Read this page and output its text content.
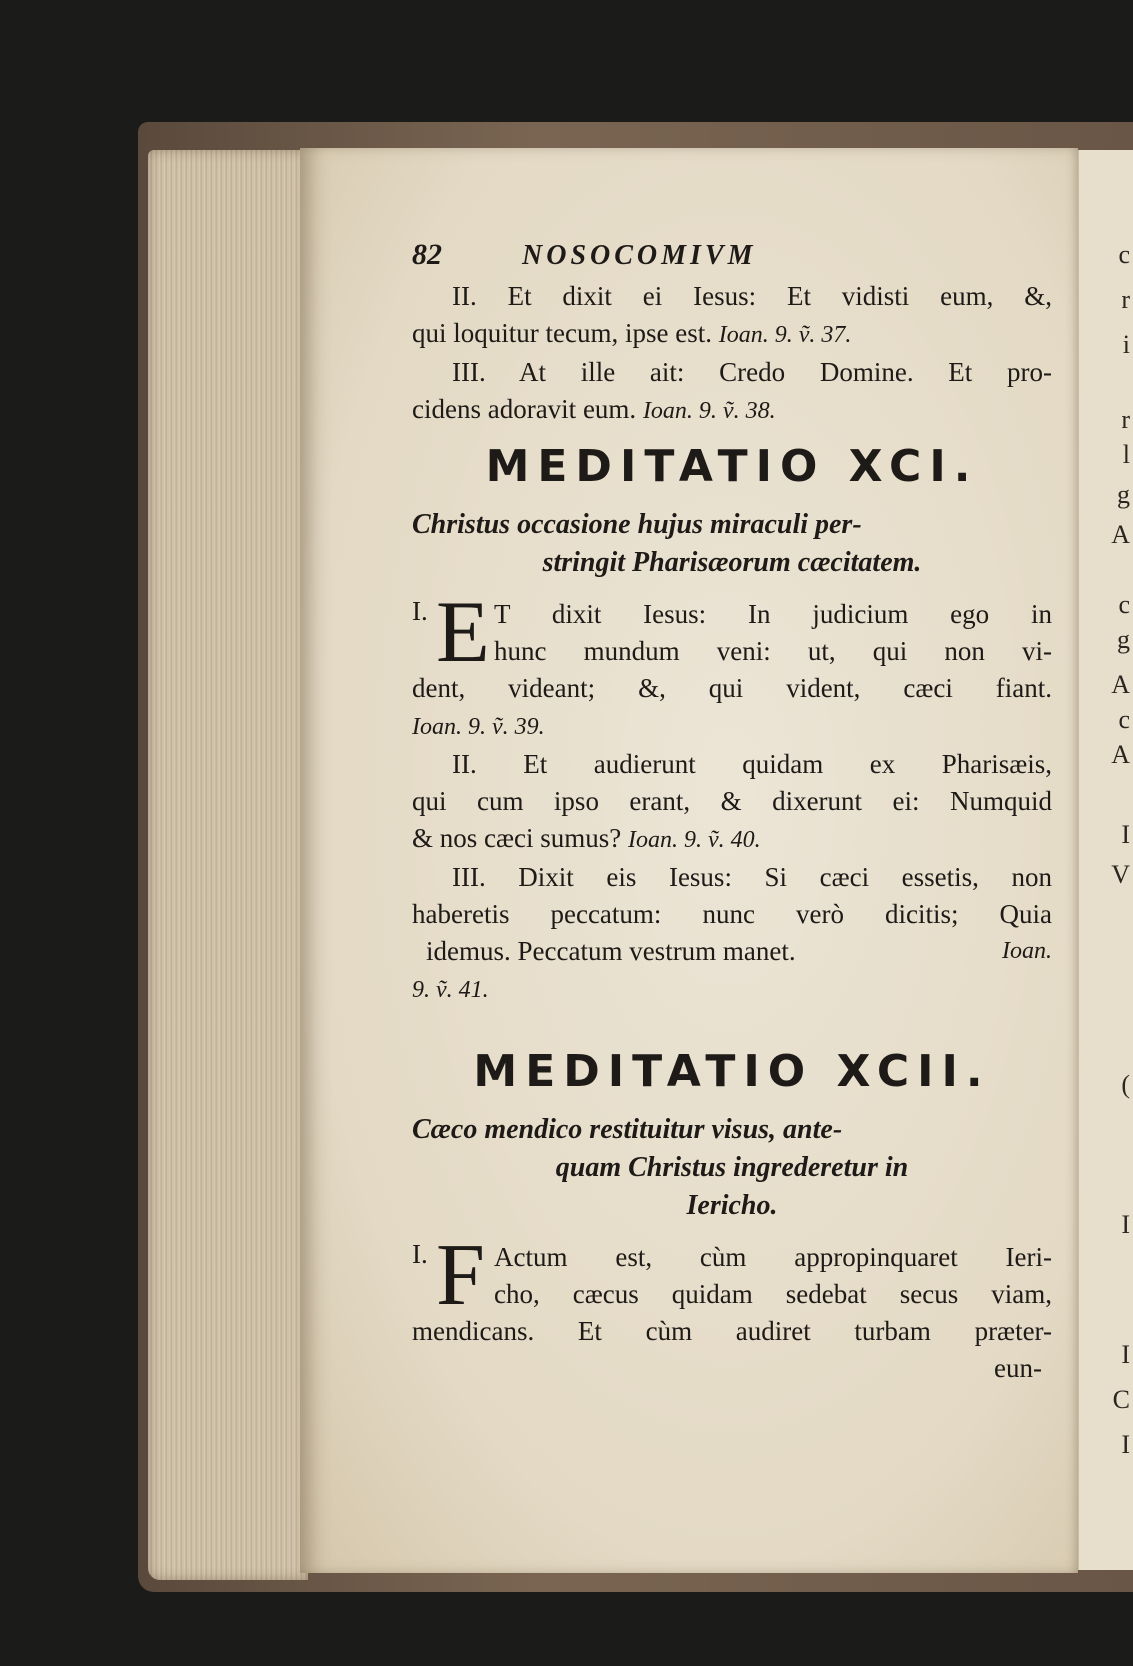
c
r
i
r
l
g
A
c
g
A
c
A
I
V
(
I
I
C
I
82	NOSOCOMIVM
II. Et dixit ei Iesus: Et vidisti eum, &,
qui loquitur tecum, ipse est. Ioan. 9. ṽ. 37.
III. At ille ait: Credo Domine. Et pro-
cidens adoravit eum. Ioan. 9. ṽ. 38.
MEDITATIO XCI.
Christus occasione hujus miraculi per-
stringit Pharisæorum cæcitatem.
I. E T dixit Iesus: In judicium ego in
hunc mundum veni: ut, qui non vi-
dent, videant; &, qui vident, cæci fiant.
Ioan. 9. ṽ. 39.
II. Et audierunt quidam ex Pharisæis,
qui cum ipso erant, & dixerunt ei: Numquid
& nos cæci sumus? Ioan. 9. ṽ. 40.
III. Dixit eis Iesus: Si cæci essetis, non
haberetis peccatum: nunc verò dicitis; Quia
idemus. Peccatum vestrum manet.	Ioan.
9. ṽ. 41.
MEDITATIO XCII.
Cæco mendico restituitur visus, ante-
quam Christus ingrederetur in
Iericho.
I. F Actum est, cùm appropinquaret Ieri-
cho, cæcus quidam sedebat secus viam,
mendicans. Et cùm audiret turbam præter-
eun-
